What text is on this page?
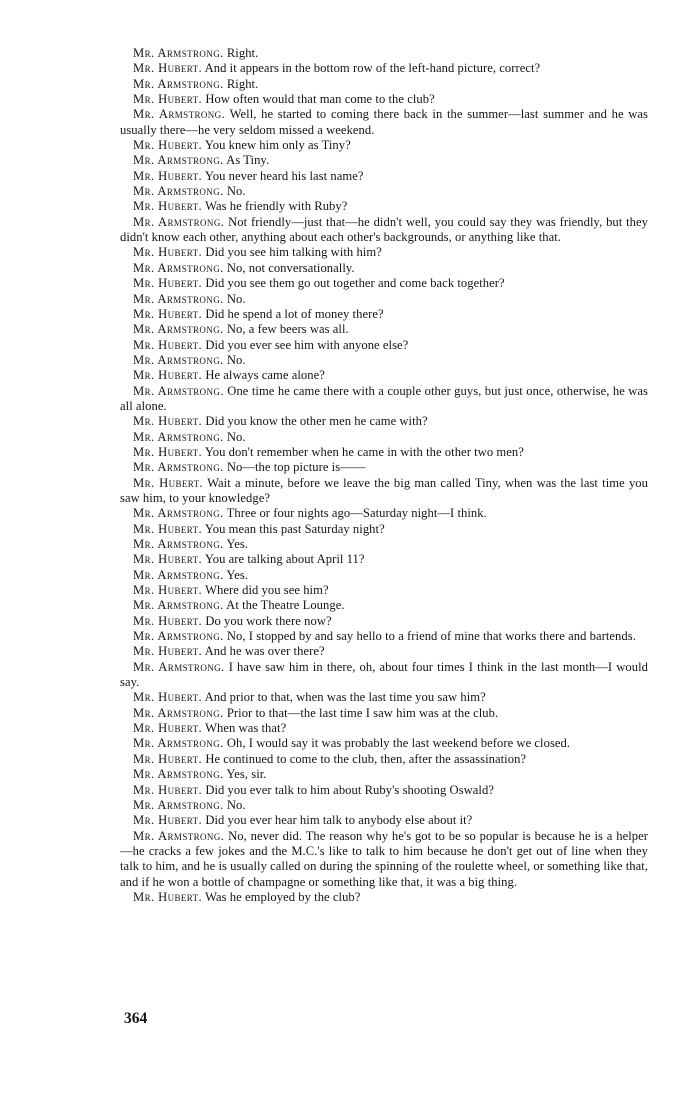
Mr. Armstrong. Right.

Mr. Hubert. And it appears in the bottom row of the left-hand picture, correct?

Mr. Armstrong. Right.

Mr. Hubert. How often would that man come to the club?

Mr. Armstrong. Well, he started to coming there back in the summer—last summer and he was usually there—he very seldom missed a weekend.

Mr. Hubert. You knew him only as Tiny?

Mr. Armstrong. As Tiny.

Mr. Hubert. You never heard his last name?

Mr. Armstrong. No.

Mr. Hubert. Was he friendly with Ruby?

Mr. Armstrong. Not friendly—just that—he didn't well, you could say they was friendly, but they didn't know each other, anything about each other's backgrounds, or anything like that.

Mr. Hubert. Did you see him talking with him?

Mr. Armstrong. No, not conversationally.

Mr. Hubert. Did you see them go out together and come back together?

Mr. Armstrong. No.

Mr. Hubert. Did he spend a lot of money there?

Mr. Armstrong. No, a few beers was all.

Mr. Hubert. Did you ever see him with anyone else?

Mr. Armstrong. No.

Mr. Hubert. He always came alone?

Mr. Armstrong. One time he came there with a couple other guys, but just once, otherwise, he was all alone.

Mr. Hubert. Did you know the other men he came with?

Mr. Armstrong. No.

Mr. Hubert. You don't remember when he came in with the other two men?

Mr. Armstrong. No—the top picture is——

Mr. Hubert. Wait a minute, before we leave the big man called Tiny, when was the last time you saw him, to your knowledge?

Mr. Armstrong. Three or four nights ago—Saturday night—I think.

Mr. Hubert. You mean this past Saturday night?

Mr. Armstrong. Yes.

Mr. Hubert. You are talking about April 11?

Mr. Armstrong. Yes.

Mr. Hubert. Where did you see him?

Mr. Armstrong. At the Theatre Lounge.

Mr. Hubert. Do you work there now?

Mr. Armstrong. No, I stopped by and say hello to a friend of mine that works there and bartends.

Mr. Hubert. And he was over there?

Mr. Armstrong. I have saw him in there, oh, about four times I think in the last month—I would say.

Mr. Hubert. And prior to that, when was the last time you saw him?

Mr. Armstrong. Prior to that—the last time I saw him was at the club.

Mr. Hubert. When was that?

Mr. Armstrong. Oh, I would say it was probably the last weekend before we closed.

Mr. Hubert. He continued to come to the club, then, after the assassination?

Mr. Armstrong. Yes, sir.

Mr. Hubert. Did you ever talk to him about Ruby's shooting Oswald?

Mr. Armstrong. No.

Mr. Hubert. Did you ever hear him talk to anybody else about it?

Mr. Armstrong. No, never did. The reason why he's got to be so popular is because he is a helper—he cracks a few jokes and the M.C.'s like to talk to him because he don't get out of line when they talk to him, and he is usually called on during the spinning of the roulette wheel, or something like that, and if he won a bottle of champagne or something like that, it was a big thing.

Mr. Hubert. Was he employed by the club?

364
